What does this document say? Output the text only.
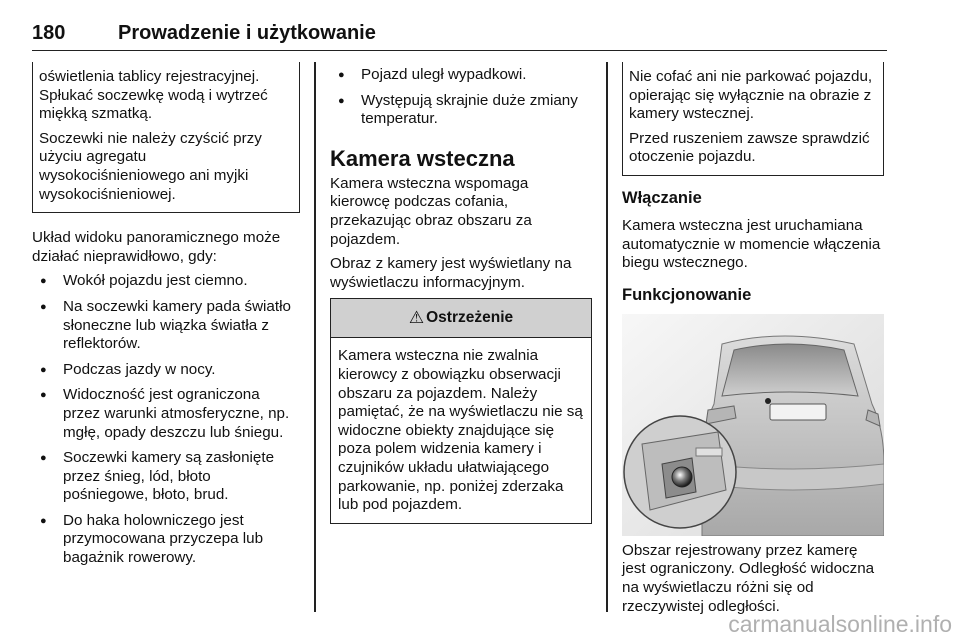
180	Prowadzenie i użytkowanie

oświetlenia tablicy rejestracyjnej. Spłukać soczewkę wodą i wytrzeć miękką szmatką.

Soczewki nie należy czyścić przy użyciu agregatu wysokociśnieniowego ani myjki wysokociśnieniowej.

Układ widoku panoramicznego może działać nieprawidłowo, gdy:

● Wokół pojazdu jest ciemno.
● Na soczewki kamery pada światło słoneczne lub wiązka światła z reflektorów.
● Podczas jazdy w nocy.
● Widoczność jest ograniczona przez warunki atmosferyczne, np. mgłę, opady deszczu lub śniegu.
● Soczewki kamery są zasłonięte przez śnieg, lód, błoto pośniegowe, błoto, brud.
● Do haka holowniczego jest przymocowana przyczepa lub bagażnik rowerowy.
● Pojazd uległ wypadkowi.
● Występują skrajnie duże zmiany temperatur.
Kamera wsteczna

Kamera wsteczna wspomaga kierowcę podczas cofania, przekazując obraz obszaru za pojazdem.

Obraz z kamery jest wyświetlany na wyświetlaczu informacyjnym.

⚠ Ostrzeżenie

Kamera wsteczna nie zwalnia kierowcy z obowiązku obserwacji obszaru za pojazdem. Należy pamiętać, że na wyświetlaczu nie są widoczne obiekty znajdujące się poza polem widzenia kamery i czujników układu ułatwiającego parkowanie, np. poniżej zderzaka lub pod pojazdem.

Nie cofać ani nie parkować pojazdu, opierając się wyłącznie na obrazie z kamery wstecznej.

Przed ruszeniem zawsze sprawdzić otoczenie pojazdu.

Włączanie

Kamera wsteczna jest uruchamiana automatycznie w momencie włączenia biegu wstecznego.

Funkcjonowanie

Obszar rejestrowany przez kamerę jest ograniczony. Odległość widoczna na wyświetlaczu różni się od rzeczywistej odległości.

carmanualsonline.info
